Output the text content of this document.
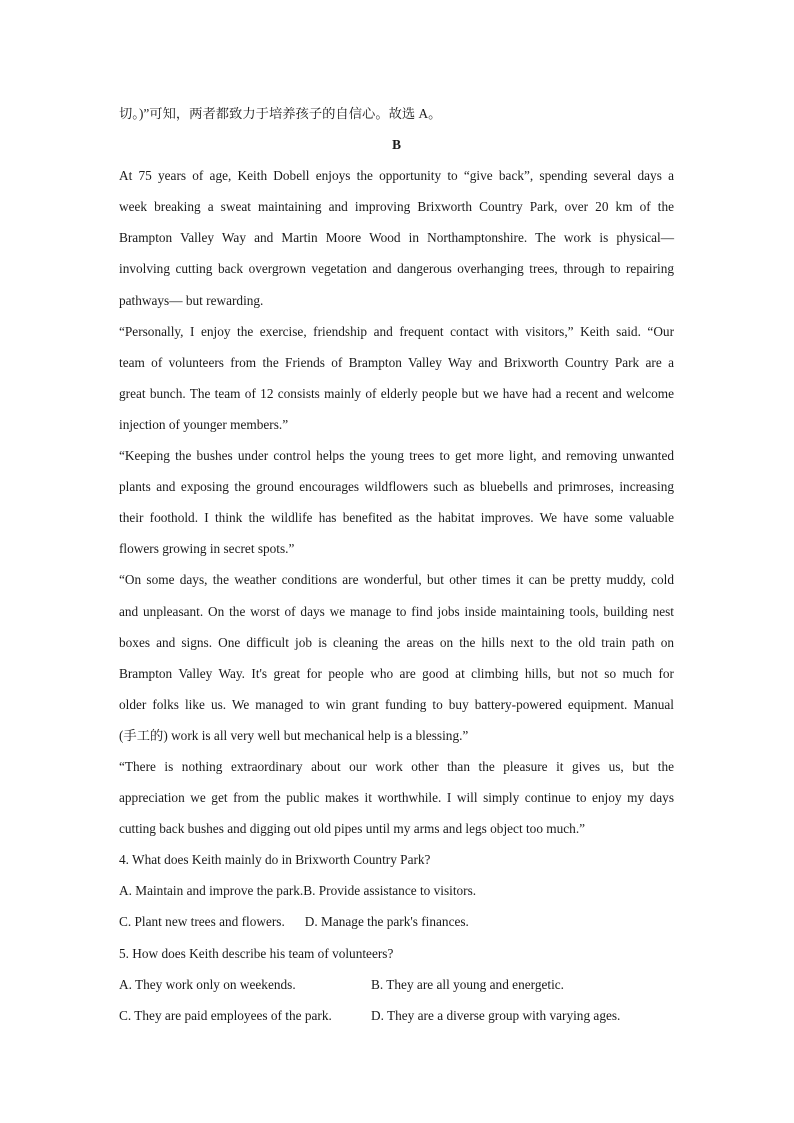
切。)”可知，两者都致力于培养孩子的自信心。故选 A。
B
At 75 years of age, Keith Dobell enjoys the opportunity to “give back”, spending several days a
week breaking a sweat maintaining and improving Brixworth Country Park, over 20 km of the
Brampton Valley Way and Martin Moore Wood in Northamptonshire. The work is physical—
involving cutting back overgrown vegetation and dangerous overhanging trees, through to repairing
pathways— but rewarding.
“Personally, I enjoy the exercise, friendship and frequent contact with visitors,” Keith said. “Our
team of volunteers from the Friends of Brampton Valley Way and Brixworth Country Park are a
great bunch. The team of 12 consists mainly of elderly people but we have had a recent and welcome
injection of younger members.”
“Keeping the bushes under control helps the young trees to get more light, and removing unwanted
plants and exposing the ground encourages wildflowers such as bluebells and primroses, increasing
their foothold. I think the wildlife has benefited as the habitat improves. We have some valuable
flowers growing in secret spots.”
“On some days, the weather conditions are wonderful, but other times it can be pretty muddy, cold
and unpleasant. On the worst of days we manage to find jobs inside maintaining tools, building nest
boxes and signs. One difficult job is cleaning the areas on the hills next to the old train path on
Brampton Valley Way. It's great for people who are good at climbing hills, but not so much for
older folks like us. We managed to win grant funding to buy battery-powered equipment. Manual
(手工的) work is all very well but mechanical help is a blessing.”
“There is nothing extraordinary about our work other than the pleasure it gives us, but the
appreciation we get from the public makes it worthwhile. I will simply continue to enjoy my days
cutting back bushes and digging out old pipes until my arms and legs object too much.”
4. What does Keith mainly do in Brixworth Country Park?
A. Maintain and improve the park.B. Provide assistance to visitors.
C. Plant new trees and flowers. D. Manage the park's finances.
5. How does Keith describe his team of volunteers?
A. They work only on weekends.	B. They are all young and energetic.
C. They are paid employees of the park.	D. They are a diverse group with varying ages.
